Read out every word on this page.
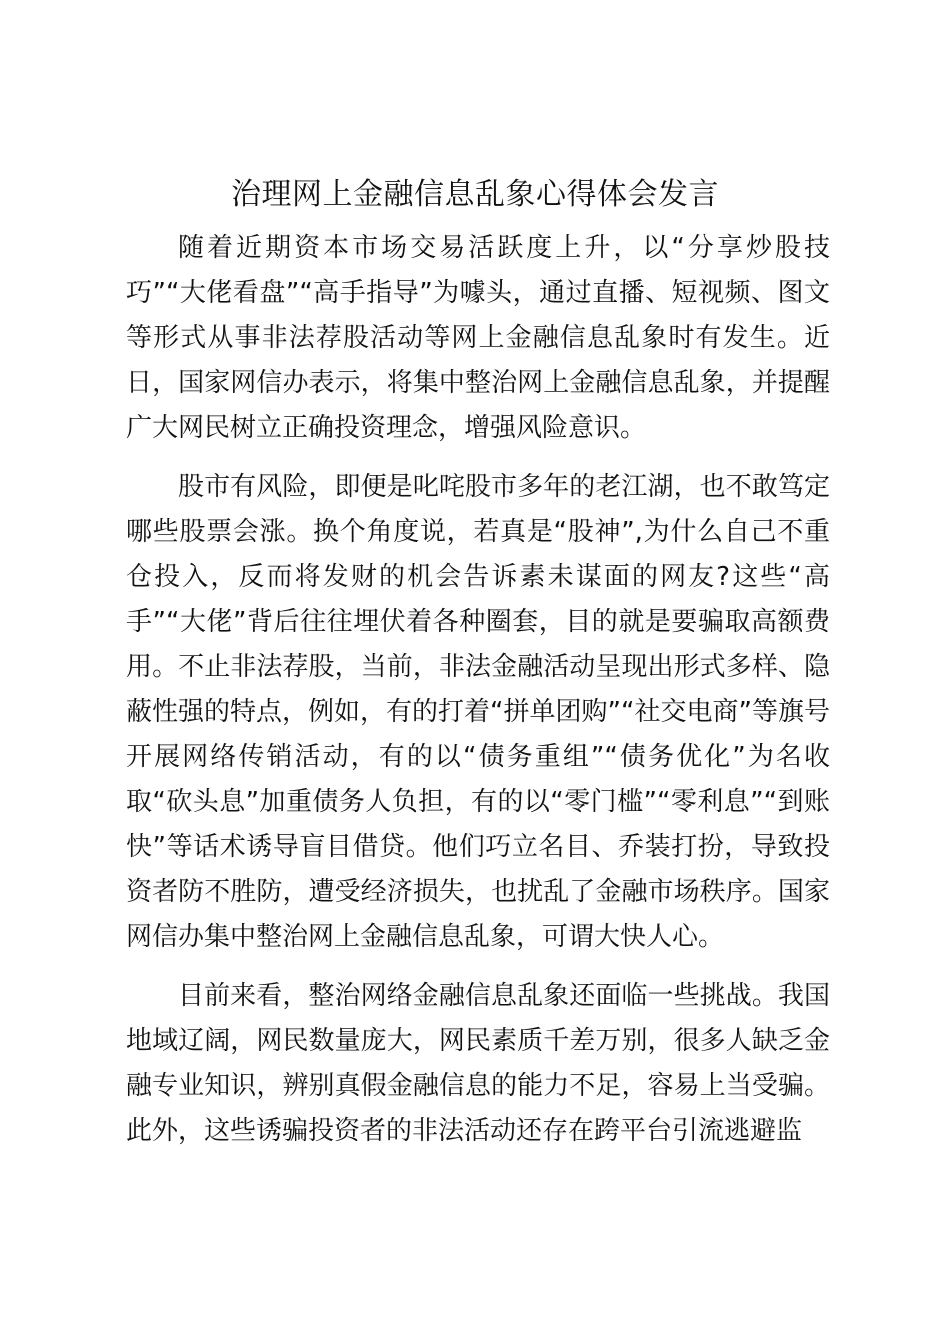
治理网上金融信息乱象心得体会发言

随着近期资本市场交易活跃度上升，以“分享炒股技巧”“大佬看盘”“高手指导”为噱头，通过直播、短视频、图文等形式从事非法荐股活动等网上金融信息乱象时有发生。近日，国家网信办表示，将集中整治网上金融信息乱象，并提醒广大网民树立正确投资理念，增强风险意识。

股市有风险，即便是叱咤股市多年的老江湖，也不敢笃定哪些股票会涨。换个角度说，若真是“股神”,为什么自己不重仓投入，反而将发财的机会告诉素未谋面的网友?这些“高手”“大佬”背后往往埋伏着各种圈套，目的就是要骗取高额费用。不止非法荐股，当前，非法金融活动呈现出形式多样、隐蔽性强的特点，例如，有的打着“拼单团购”“社交电商”等旗号开展网络传销活动，有的以“债务重组”“债务优化”为名收取“砍头息”加重债务人负担，有的以“零门槛”“零利息”“到账快”等话术诱导盲目借贷。他们巧立名目、乔装打扮，导致投资者防不胜防，遭受经济损失，也扰乱了金融市场秩序。国家网信办集中整治网上金融信息乱象，可谓大快人心。

目前来看，整治网络金融信息乱象还面临一些挑战。我国地域辽阔，网民数量庞大，网民素质千差万别，很多人缺乏金融专业知识，辨别真假金融信息的能力不足，容易上当受骗。此外，这些诱骗投资者的非法活动还存在跨平台引流逃避监
